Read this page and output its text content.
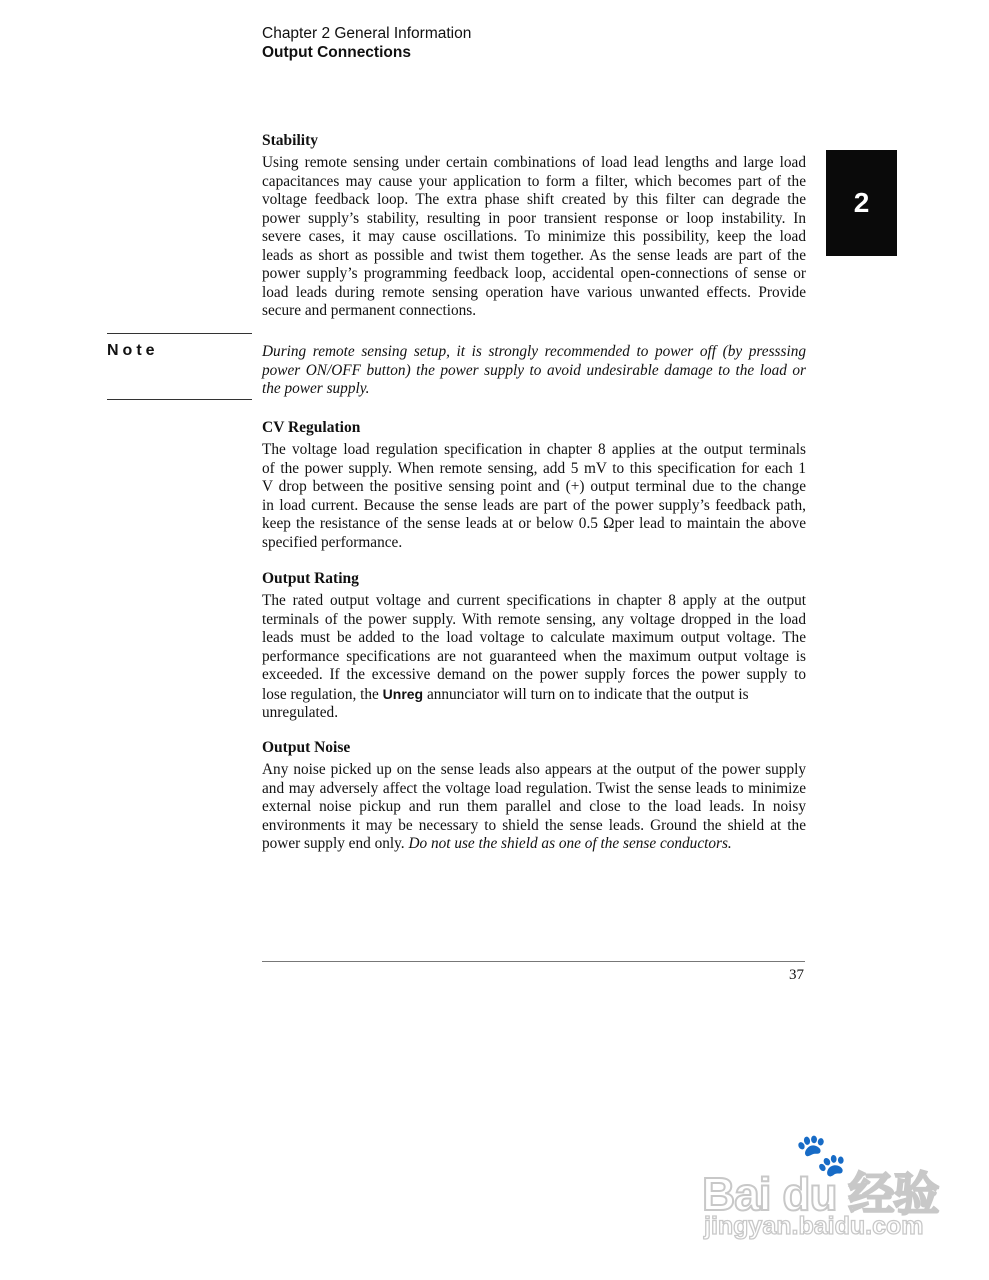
Chapter 2 General Information
Output Connections
2
Stability
Using remote sensing under certain combinations of load lead lengths and large load
capacitances may cause your application to form a filter, which becomes part of the
voltage feedback loop. The extra phase shift created by this filter can degrade the
power supply’s stability, resulting in poor transient response or loop instability. In
severe cases, it may cause oscillations. To minimize this possibility, keep the load
leads as short as possible and twist them together. As the sense leads are part of the
power supply’s programming feedback loop, accidental open-connections of sense or
load leads during remote sensing operation have various unwanted effects. Provide
secure and permanent connections.
Note	During remote sensing setup, it is strongly recommended to power off (by presssing
power ON/OFF button) the power supply to avoid undesirable damage to the load or
the power supply.
CV Regulation
The voltage load regulation specification in chapter 8 applies at the output terminals
of the power supply. When remote sensing, add 5 mV to this specification for each 1
V drop between the positive sensing point and (+) output terminal due to the change
in load current. Because the sense leads are part of the power supply’s feedback path,
keep the resistance of the sense leads at or below 0.5 Ωper lead to maintain the above
specified performance.
Output Rating
The rated output voltage and current specifications in chapter 8 apply at the output
terminals of the power supply. With remote sensing, any voltage dropped in the load
leads must be added to the load voltage to calculate maximum output voltage. The
performance specifications are not guaranteed when the maximum output voltage is
exceeded. If the excessive demand on the power supply forces the power supply to
lose regulation, the Unreg annunciator will turn on to indicate that the output is
unregulated.
Output Noise
Any noise picked up on the sense leads also appears at the output of the power supply
and may adversely affect the voltage load regulation. Twist the sense leads to minimize
external noise pickup and run them parallel and close to the load leads. In noisy
environments it may be necessary to shield the sense leads. Ground the shield at the
power supply end only. Do not use the shield as one of the sense conductors.
37
🐾
Bai du 经验
jingyan.baidu.com
